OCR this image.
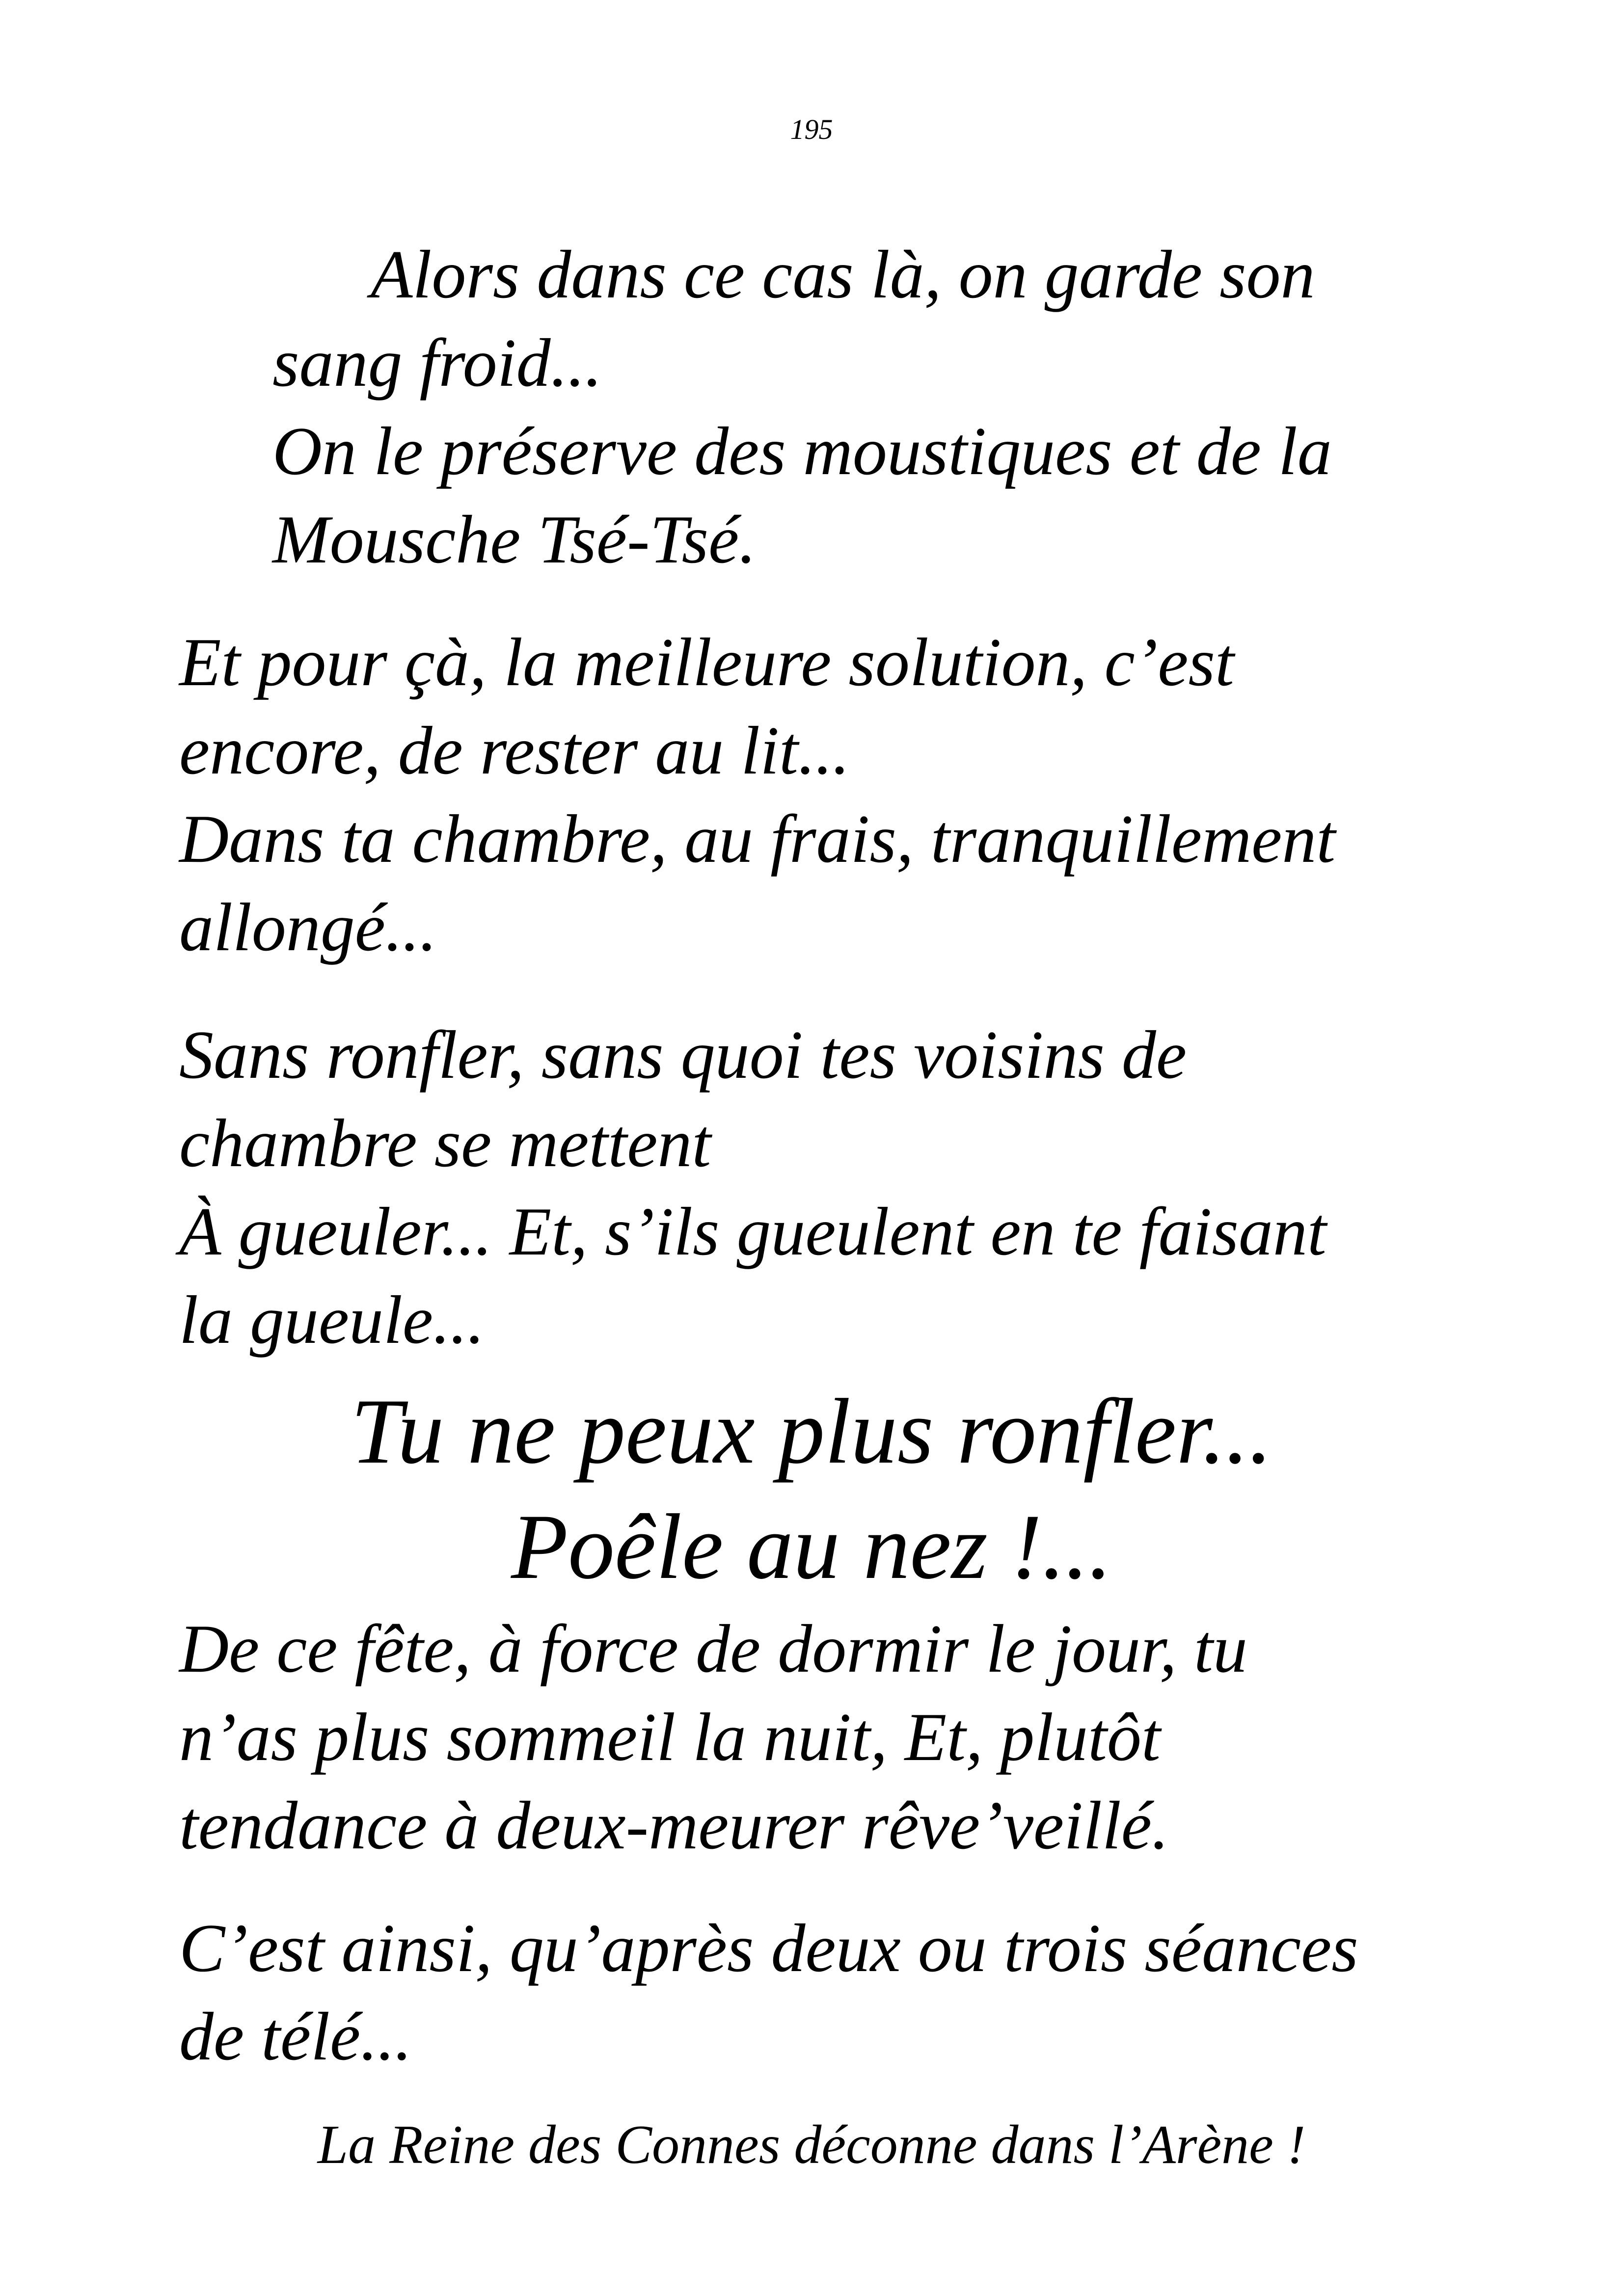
195
Alors dans ce cas là, on garde son
sang froid...
On le préserve des moustiques et de la
Mousche Tsé-Tsé.
Et pour çà, la meilleure solution, c’est
encore, de rester au lit...
Dans ta chambre, au frais, tranquillement
allongé...
Sans ronfler, sans quoi tes voisins de
chambre se mettent
À gueuler... Et, s’ils gueulent en te faisant
la gueule...
Tu ne peux plus ronfler...
Poêle au nez !...
De ce fête, à force de dormir le jour, tu
n’as plus sommeil la nuit, Et, plutôt
tendance à deux-meurer rêve’veillé.
C’est ainsi, qu’après deux ou trois séances
de télé...
La Reine des Connes déconne dans l’Arène !
